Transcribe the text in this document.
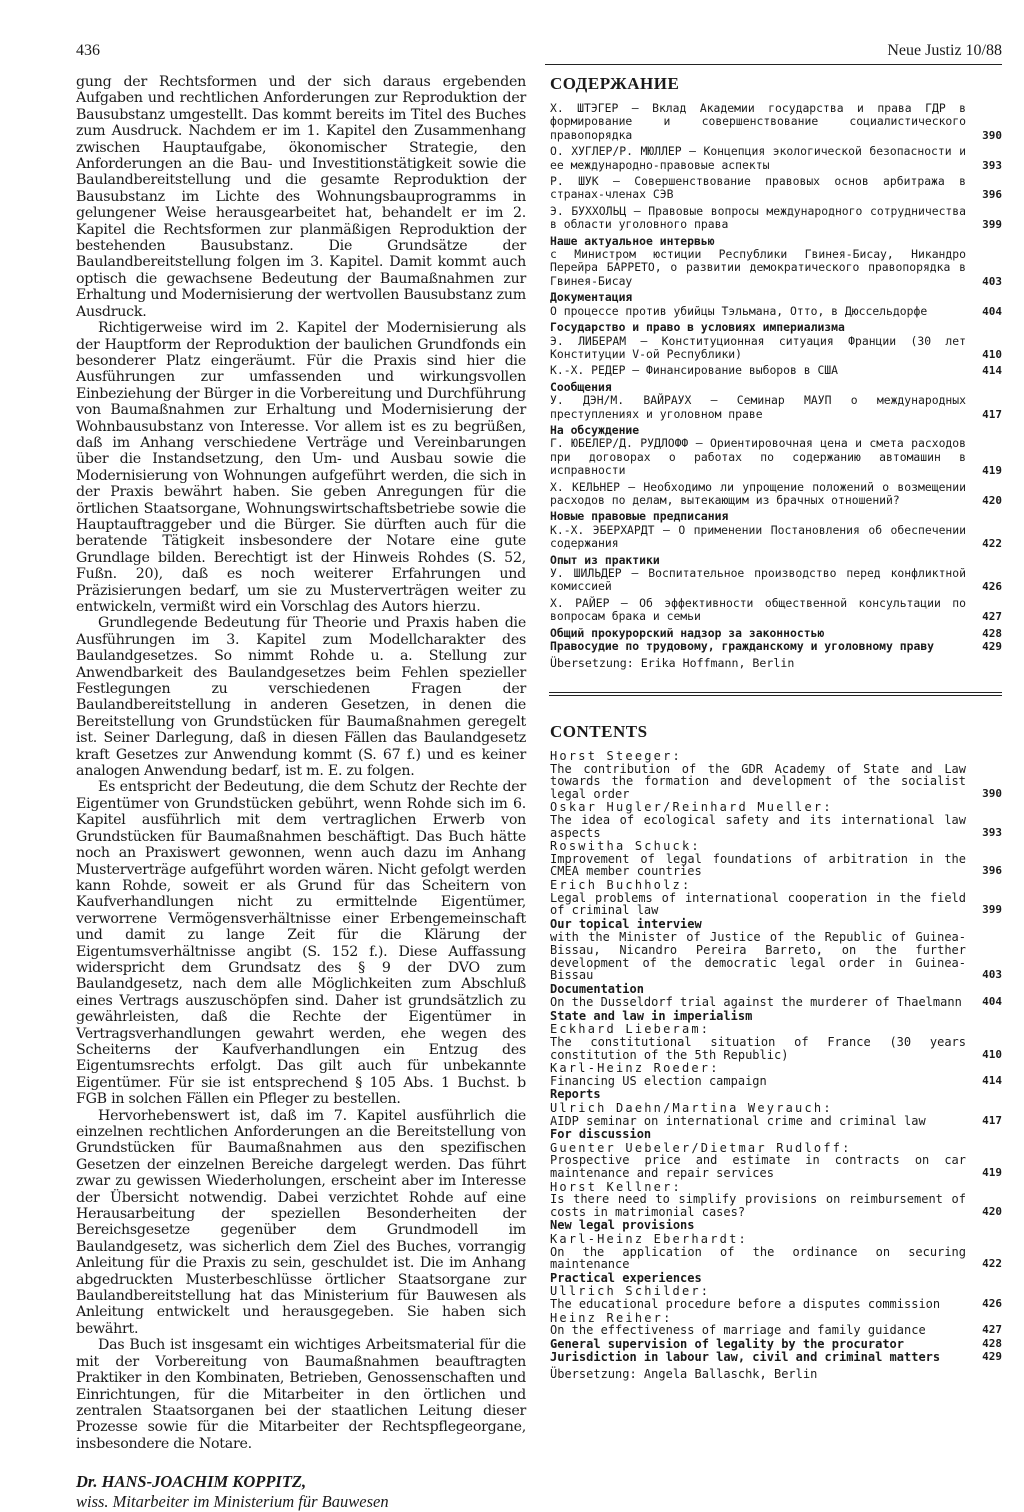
436	Neue Justiz 10/88

gung der Rechtsformen und der sich daraus ergebenden Aufgaben und rechtlichen Anforderungen zur Reproduktion der Bausubstanz umgestellt. Das kommt bereits im Titel des Buches zum Ausdruck. Nachdem er im 1. Kapitel den Zusammenhang zwischen Hauptaufgabe, ökonomischer Strategie, den Anforderungen an die Bau- und Investitionstätigkeit sowie die Baulandbereitstellung und die gesamte Reproduktion der Bausubstanz im Lichte des Wohnungsbauprogramms in gelungener Weise herausgearbeitet hat, behandelt er im 2. Kapitel die Rechtsformen zur planmäßigen Reproduktion der bestehenden Bausubstanz. Die Grundsätze der Baulandbereitstellung folgen im 3. Kapitel. Damit kommt auch optisch die gewachsene Bedeutung der Baumaßnahmen zur Erhaltung und Modernisierung der wertvollen Bausubstanz zum Ausdruck.

Richtigerweise wird im 2. Kapitel der Modernisierung als der Hauptform der Reproduktion der baulichen Grundfonds ein besonderer Platz eingeräumt. Für die Praxis sind hier die Ausführungen zur umfassenden und wirkungsvollen Einbeziehung der Bürger in die Vorbereitung und Durchführung von Baumaßnahmen zur Erhaltung und Modernisierung der Wohnbausubstanz von Interesse. Vor allem ist es zu begrüßen, daß im Anhang verschiedene Verträge und Vereinbarungen über die Instandsetzung, den Um- und Ausbau sowie die Modernisierung von Wohnungen aufgeführt werden, die sich in der Praxis bewährt haben. Sie geben Anregungen für die örtlichen Staatsorgane, Wohnungswirtschaftsbetriebe sowie die Hauptauftraggeber und die Bürger. Sie dürften auch für die beratende Tätigkeit insbesondere der Notare eine gute Grundlage bilden. Berechtigt ist der Hinweis Rohdes (S. 52, Fußn. 20), daß es noch weiterer Erfahrungen und Präzisierungen bedarf, um sie zu Musterverträgen weiter zu entwickeln, vermißt wird ein Vorschlag des Autors hierzu.

Grundlegende Bedeutung für Theorie und Praxis haben die Ausführungen im 3. Kapitel zum Modellcharakter des Baulandgesetzes. So nimmt Rohde u. a. Stellung zur Anwendbarkeit des Baulandgesetzes beim Fehlen spezieller Festlegungen zu verschiedenen Fragen der Baulandbereitstellung in anderen Gesetzen, in denen die Bereitstellung von Grundstücken für Baumaßnahmen geregelt ist. Seiner Darlegung, daß in diesen Fällen das Baulandgesetz kraft Gesetzes zur Anwendung kommt (S. 67 f.) und es keiner analogen Anwendung bedarf, ist m. E. zu folgen.

Es entspricht der Bedeutung, die dem Schutz der Rechte der Eigentümer von Grundstücken gebührt, wenn Rohde sich im 6. Kapitel ausführlich mit dem vertraglichen Erwerb von Grundstücken für Baumaßnahmen beschäftigt. Das Buch hätte noch an Praxiswert gewonnen, wenn auch dazu im Anhang Musterverträge aufgeführt worden wären. Nicht gefolgt werden kann Rohde, soweit er als Grund für das Scheitern von Kaufverhandlungen nicht zu ermittelnde Eigentümer, verworrene Vermögensverhältnisse einer Erbengemeinschaft und damit zu lange Zeit für die Klärung der Eigentumsverhältnisse angibt (S. 152 f.). Diese Auffassung widerspricht dem Grundsatz des § 9 der DVO zum Baulandgesetz, nach dem alle Möglichkeiten zum Abschluß eines Vertrags auszuschöpfen sind. Daher ist grundsätzlich zu gewährleisten, daß die Rechte der Eigentümer in Vertragsverhandlungen gewahrt werden, ehe wegen des Scheiterns der Kaufverhandlungen ein Entzug des Eigentumsrechts erfolgt. Das gilt auch für unbekannte Eigentümer. Für sie ist entsprechend § 105 Abs. 1 Buchst. b FGB in solchen Fällen ein Pfleger zu bestellen.

Hervorhebenswert ist, daß im 7. Kapitel ausführlich die einzelnen rechtlichen Anforderungen an die Bereitstellung von Grundstücken für Baumaßnahmen aus den spezifischen Gesetzen der einzelnen Bereiche dargelegt werden. Das führt zwar zu gewissen Wiederholungen, erscheint aber im Interesse der Übersicht notwendig. Dabei verzichtet Rohde auf eine Herausarbeitung der speziellen Besonderheiten der Bereichsgesetze gegenüber dem Grundmodell im Baulandgesetz, was sicherlich dem Ziel des Buches, vorrangig Anleitung für die Praxis zu sein, geschuldet ist. Die im Anhang abgedruckten Musterbeschlüsse örtlicher Staatsorgane zur Baulandbereitstellung hat das Ministerium für Bauwesen als Anleitung entwickelt und herausgegeben. Sie haben sich bewährt.

Das Buch ist insgesamt ein wichtiges Arbeitsmaterial für die mit der Vorbereitung von Baumaßnahmen beauftragten Praktiker in den Kombinaten, Betrieben, Genossenschaften und Einrichtungen, für die Mitarbeiter in den örtlichen und zentralen Staatsorganen bei der staatlichen Leitung dieser Prozesse sowie für die Mitarbeiter der Rechtspflegeorgane, insbesondere die Notare.

Dr. HANS-JOACHIM KOPPITZ,
wiss. Mitarbeiter im Ministerium für Bauwesen
СОДЕРЖАНИЕ
Х. ШТЭГЕР — Вклад Академии государства и права ГДР в формирование и совершенствование социалистического правопорядка	390
О. ХУГЛЕР/Р. МЮЛЛЕР — Концепция экологической безопасности и ее международно-правовые аспекты	393
Р. ШУК — Совершенствование правовых основ арбитража в странах-членах СЭВ	396
Э. БУХХОЛЬЦ — Правовые вопросы международного сотрудничества в области уголовного права	399
Наше актуальное интервью
с Министром юстиции Республики Гвинея-Бисау, Никандро Перейра БАРРЕТО, о развитии демократического правопорядка в Гвинея-Бисау	403
Документация
О процессе против убийцы Тэльмана, Отто, в Дюссельдорфе	404
Государство и право в условиях империализма
Э. ЛИБЕРАМ — Конституционная ситуация Франции (30 лет Конституции V-ой Республики)	410
К.-Х. РЕДЕР — Финансирование выборов в США	414
Сообщения
У. ДЭН/М. ВАЙРАУХ — Семинар МАУП о международных преступлениях и уголовном праве	417
На обсуждение
Г. ЮБЕЛЕР/Д. РУДЛОФФ — Ориентировочная цена и смета расходов при договорах о работах по содержанию автомашин в исправности	419
Х. КЕЛЬНЕР — Необходимо ли упрощение положений о возмещении расходов по делам, вытекающим из брачных отношений?	420
Новые правовые предписания
К.-Х. ЭБЕРХАРДТ — О применении Постановления об обеспечении содержания	422
Опыт из практики
У. ШИЛЬДЕР — Воспитательное производство перед конфликтной комиссией	426
Х. РАЙЕР — Об эффективности общественной консультации по вопросам брака и семьи	427
Общий прокурорский надзор за законностью	428
Правосудие по трудовому, гражданскому и уголовному праву	429
Übersetzung: Erika Hoffmann, Berlin
CONTENTS
Horst Steeger:
The contribution of the GDR Academy of State and Law towards the formation and development of the socialist legal order	390
Oskar Hugler/Reinhard Mueller:
The idea of ecological safety and its international law aspects	393
Roswitha Schuck:
Improvement of legal foundations of arbitration in the CMEA member countries	396
Erich Buchholz:
Legal problems of international cooperation in the field of criminal law	399
Our topical interview
with the Minister of Justice of the Republic of Guinea-Bissau, Nicandro Pereira Barreto, on the further development of the democratic legal order in Guinea-Bissau	403
Documentation
On the Dusseldorf trial against the murderer of Thaelmann 404
State and law in imperialism
Eckhard Lieberam:
The constitutional situation of France (30 years constitution of the 5th Republic)	410
Karl-Heinz Roeder:
Financing US election campaign	414
Reports
Ulrich Daehn/Martina Weyrauch:
AIDP seminar on international crime and criminal law	417
For discussion
Guenter Uebeler/Dietmar Rudloff:
Prospective price and estimate in contracts on car maintenance and repair services	419
Horst Kellner:
Is there need to simplify provisions on reimbursement of costs in matrimonial cases?	420
New legal provisions
Karl-Heinz Eberhardt:
On the application of the ordinance on securing maintenance	422
Practical experiences
Ullrich Schilder:
The educational procedure before a disputes commission	426
Heinz Reiher:
On the effectiveness of marriage and family guidance	427
General supervision of legality by the procurator	428
Jurisdiction in labour law, civil and criminal matters	429
Übersetzung: Angela Ballaschk, Berlin
